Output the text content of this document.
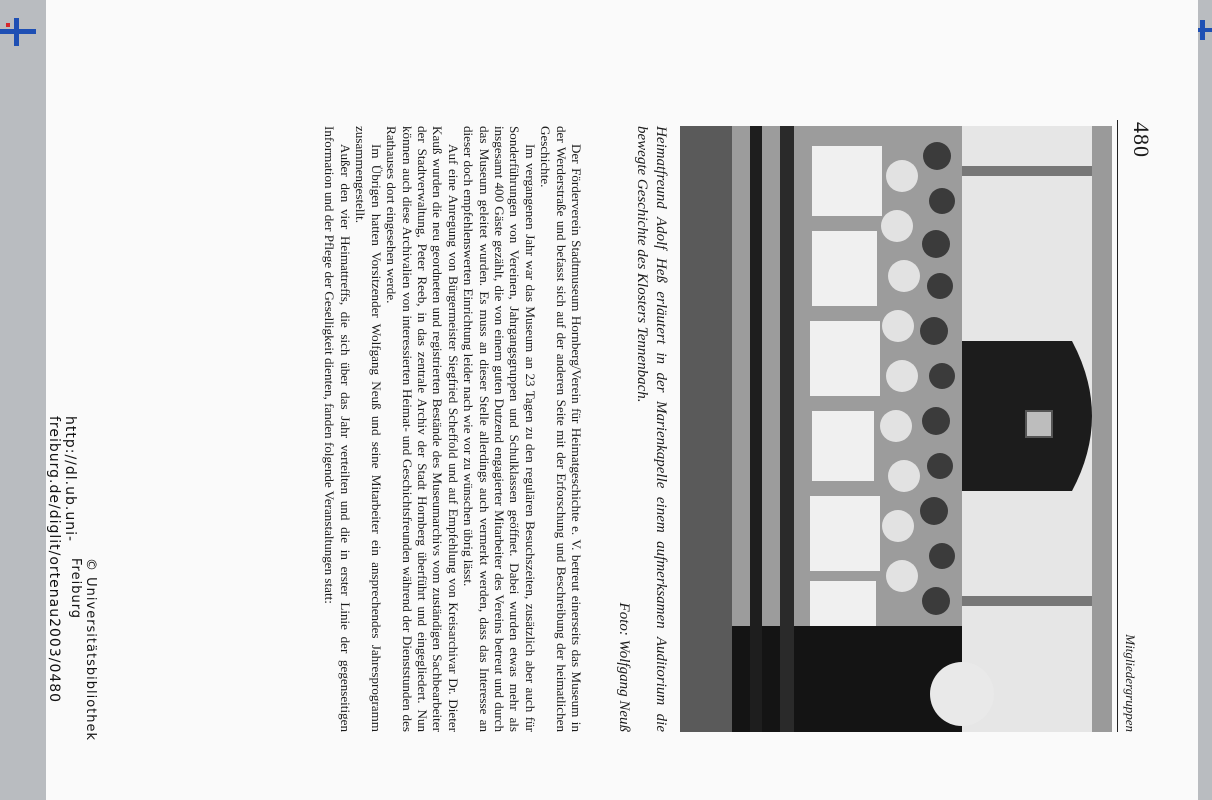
480
Mitgliedergruppen
Heimatfreund Adolf Heß erläutert in der Marienkapelle einem aufmerksamen Auditorium die bewegte Geschichte des Klosters Tennenbach.
Foto: Wolfgang Neuß

Der Förderverein Stadtmuseum Hornberg/Verein für Heimatgeschichte e. V. betreut einerseits das Museum in der Werderstraße und befasst sich auf der anderen Seite mit der Erforschung und Beschreibung der heimatlichen Geschichte.

Im vergangenen Jahr war das Museum an 23 Tagen zu den regulären Besuchszeiten, zusätzlich aber auch für Sonderführungen von Vereinen, Jahrgangsgruppen und Schulklassen geöffnet. Dabei wurden etwas mehr als insgesamt 400 Gäste gezählt, die von einem guten Dutzend engagierter Mitarbeiter des Vereins betreut und durch das Museum geleitet wurden. Es muss an dieser Stelle allerdings auch vermerkt werden, dass das Interesse an dieser doch empfehlenswerten Einrichtung leider nach wie vor zu wünschen übrig lässt.

Auf eine Anregung von Bürgermeister Siegfried Scheffold und auf Empfehlung von Kreisarchivar Dr. Dieter Kauß wurden die neu geordneten und registrierten Bestände des Museumarchivs vom zuständigen Sachbearbeiter der Stadtverwaltung, Peter Reeb, in das zentrale Archiv der Stadt Hornberg überführt und eingegliedert. Nun können auch diese Archivalien von interessierten Heimat- und Geschichtsfreunden während der Dienststunden des Rathauses dort eingesehen werde.

Im Übrigen hatten Vorsitzender Wolfgang Neuß und seine Mitarbeiter ein ansprechendes Jahresprogramm zusammengestellt.

Außer den vier Heimattreffs, die sich über das Jahr verteilten und die in erster Linie der gegenseitigen Information und der Pflege der Geselligkeit dienten, fanden folgende Veranstaltungen statt:

http://dl.ub.uni-freiburg.de/diglit/ortenau2003/0480	© Universitätsbibliothek Freiburg
